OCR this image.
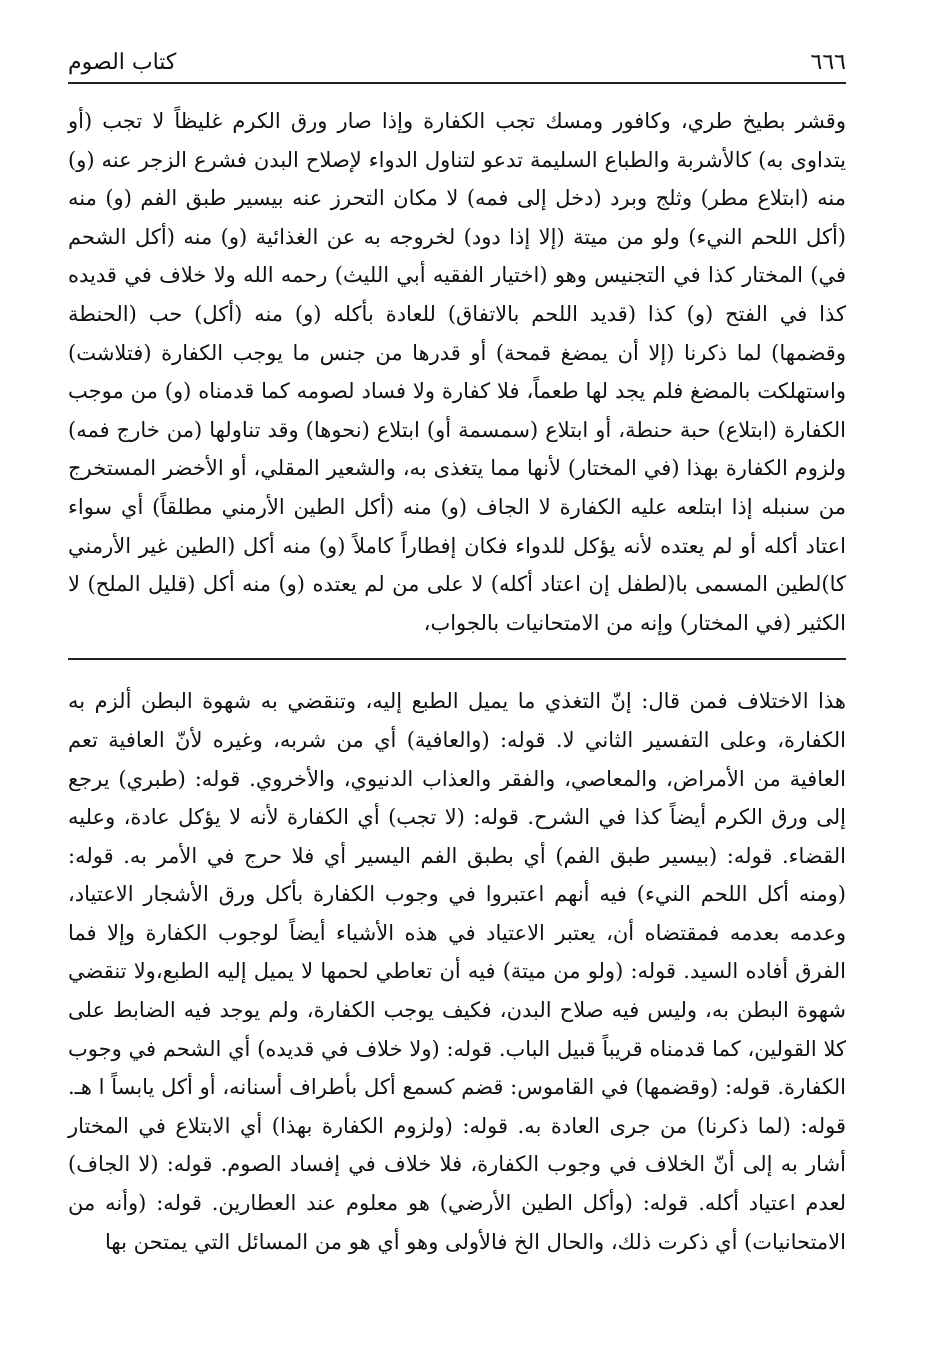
٦٦٦
كتاب الصوم

وقشر بطيخ طري، وكافور ومسك تجب الكفارة وإذا صار ورق الكرم غليظاً لا تجب (أو يتداوى به) كالأشربة والطباع السليمة تدعو لتناول الدواء لإصلاح البدن فشرع الزجر عنه (و) منه (ابتلاع مطر) وثلج وبرد (دخل إلى فمه) لا مكان التحرز عنه بيسير طبق الفم (و) منه (أكل اللحم النيء) ولو من ميتة (إلا إذا دود) لخروجه به عن الغذائية (و) منه (أكل الشحم في) المختار كذا في التجنيس وهو (اختيار الفقيه أبي الليث) رحمه الله ولا خلاف في قديده كذا في الفتح (و) كذا (قديد اللحم بالاتفاق) للعادة بأكله (و) منه (أكل) حب (الحنطة وقضمها) لما ذكرنا (إلا أن يمضغ قمحة) أو قدرها من جنس ما يوجب الكفارة (فتلاشت) واستهلكت بالمضغ فلم يجد لها طعماً، فلا كفارة ولا فساد لصومه كما قدمناه (و) من موجب الكفارة (ابتلاع) حبة حنطة، أو ابتلاع (سمسمة أو) ابتلاع (نحوها) وقد تناولها (من خارج فمه) ولزوم الكفارة بهذا (في المختار) لأنها مما يتغذى به، والشعير المقلي، أو الأخضر المستخرج من سنبله إذا ابتلعه عليه الكفارة لا الجاف (و) منه (أكل الطين الأرمني مطلقاً) أي سواء اعتاد أكله أو لم يعتده لأنه يؤكل للدواء فكان إفطاراً كاملاً (و) منه أكل (الطين غير الأرمني كا)لطين المسمى با(لطفل إن اعتاد أكله) لا على من لم يعتده (و) منه أكل (قليل الملح) لا الكثير (في المختار) وإنه من الامتحانيات بالجواب،

هذا الاختلاف فمن قال: إنّ التغذي ما يميل الطبع إليه، وتنقضي به شهوة البطن ألزم به الكفارة، وعلى التفسير الثاني لا. قوله: (والعافية) أي من شربه، وغيره لأنّ العافية تعم العافية من الأمراض، والمعاصي، والفقر والعذاب الدنيوي، والأخروي. قوله: (طبري) يرجع إلى ورق الكرم أيضاً كذا في الشرح. قوله: (لا تجب) أي الكفارة لأنه لا يؤكل عادة، وعليه القضاء. قوله: (بيسير طبق الفم) أي بطبق الفم اليسير أي فلا حرج في الأمر به. قوله: (ومنه أكل اللحم النيء) فيه أنهم اعتبروا في وجوب الكفارة بأكل ورق الأشجار الاعتياد، وعدمه بعدمه فمقتضاه أن، يعتبر الاعتياد في هذه الأشياء أيضاً لوجوب الكفارة وإلا فما الفرق أفاده السيد. قوله: (ولو من ميتة) فيه أن تعاطي لحمها لا يميل إليه الطبع،ولا تنقضي شهوة البطن به، وليس فيه صلاح البدن، فكيف يوجب الكفارة، ولم يوجد فيه الضابط على كلا القولين، كما قدمناه قريباً قبيل الباب. قوله: (ولا خلاف في قديده) أي الشحم في وجوب الكفارة. قوله: (وقضمها) في القاموس: قضم كسمع أكل بأطراف أسنانه، أو أكل يابساً ا هـ. قوله: (لما ذكرنا) من جرى العادة به. قوله: (ولزوم الكفارة بهذا) أي الابتلاع في المختار أشار به إلى أنّ الخلاف في وجوب الكفارة، فلا خلاف في إفساد الصوم. قوله: (لا الجاف) لعدم اعتياد أكله. قوله: (وأكل الطين الأرضي) هو معلوم عند العطارين. قوله: (وأنه من الامتحانيات) أي ذكرت ذلك، والحال الخ فالأولى وهو أي هو من المسائل التي يمتحن بها
